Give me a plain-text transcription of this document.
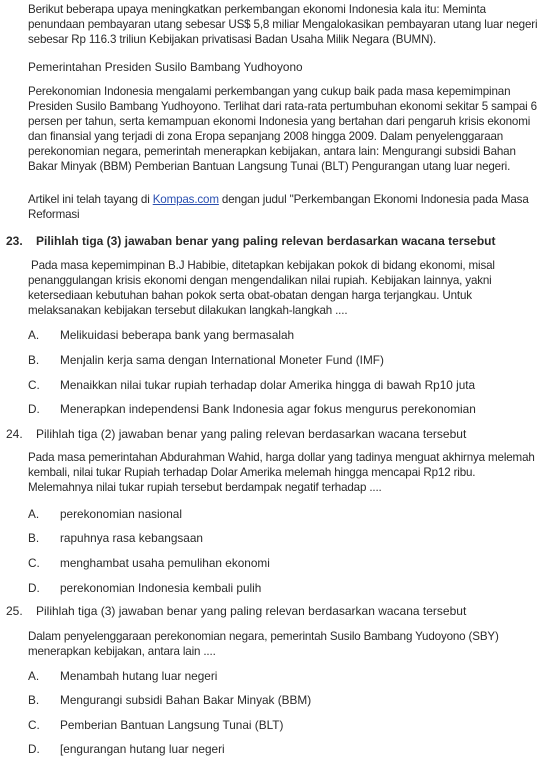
Berikut beberapa upaya meningkatkan perkembangan ekonomi Indonesia kala itu: Meminta penundaan pembayaran utang sebesar US$ 5,8 miliar Mengalokasikan pembayaran utang luar negeri sebesar Rp 116.3 triliun Kebijakan privatisasi Badan Usaha Milik Negara (BUMN).

Pemerintahan Presiden Susilo Bambang Yudhoyono

Perekonomian Indonesia mengalami perkembangan yang cukup baik pada masa kepemimpinan Presiden Susilo Bambang Yudhoyono. Terlihat dari rata-rata pertumbuhan ekonomi sekitar 5 sampai 6 persen per tahun, serta kemampuan ekonomi Indonesia yang bertahan dari pengaruh krisis ekonomi dan finansial yang terjadi di zona Eropa sepanjang 2008 hingga 2009. Dalam penyelenggaraan perekonomian negara, pemerintah menerapkan kebijakan, antara lain: Mengurangi subsidi Bahan Bakar Minyak (BBM) Pemberian Bantuan Langsung Tunai (BLT) Pengurangan utang luar negeri.

Artikel ini telah tayang di Kompas.com dengan judul "Perkembangan Ekonomi Indonesia pada Masa Reformasi

23. Pilihlah tiga (3) jawaban benar yang paling relevan berdasarkan wacana tersebut

Pada masa kepemimpinan B.J Habibie, ditetapkan kebijakan pokok di bidang ekonomi, misal penanggulangan krisis ekonomi dengan mengendalikan nilai rupiah. Kebijakan lainnya, yakni ketersediaan kebutuhan bahan pokok serta obat-obatan dengan harga terjangkau. Untuk melaksanakan kebijakan tersebut dilakukan langkah-langkah ....

A. Melikuidasi beberapa bank yang bermasalah

B. Menjalin kerja sama dengan International Moneter Fund (IMF)

C. Menaikkan nilai tukar rupiah terhadap dolar Amerika hingga di bawah Rp10 juta

D. Menerapkan independensi Bank Indonesia agar fokus mengurus perekonomian

24. Pilihlah tiga (2) jawaban benar yang paling relevan berdasarkan wacana tersebut

Pada masa pemerintahan Abdurahman Wahid, harga dollar yang tadinya menguat akhirnya melemah kembali, nilai tukar Rupiah terhadap Dolar Amerika melemah hingga mencapai Rp12 ribu. Melemahnya nilai tukar rupiah tersebut berdampak negatif terhadap ....

A. perekonomian nasional

B. rapuhnya rasa kebangsaan

C. menghambat usaha pemulihan ekonomi

D. perekonomian Indonesia kembali pulih

25. Pilihlah tiga (3) jawaban benar yang paling relevan berdasarkan wacana tersebut

Dalam penyelenggaraan perekonomian negara, pemerintah Susilo Bambang Yudoyono (SBY) menerapkan kebijakan, antara lain ....

A. Menambah hutang luar negeri

B. Mengurangi subsidi Bahan Bakar Minyak (BBM)

C. Pemberian Bantuan Langsung Tunai (BLT)

D. [engurangan hutang luar negeri
